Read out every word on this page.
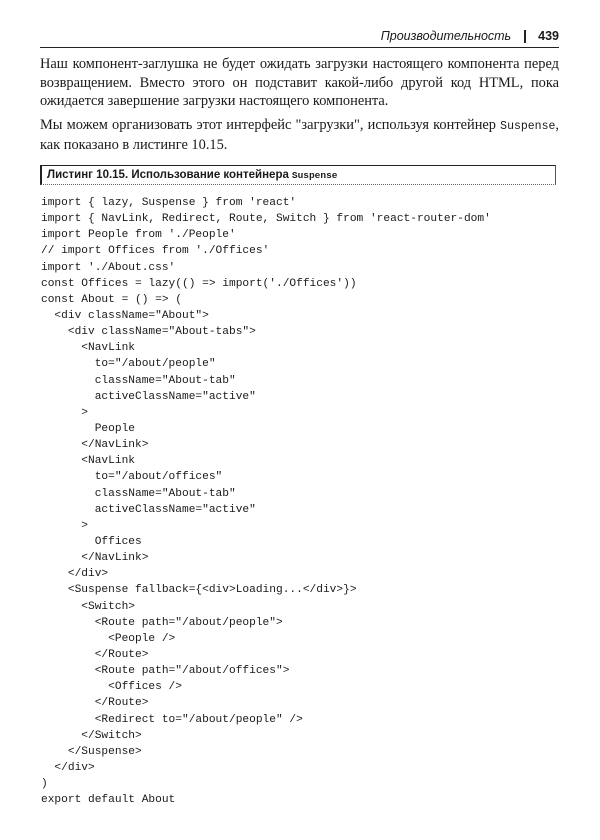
Производительность 439

Наш компонент-заглушка не будет ожидать загрузки настоящего компонента перед возвращением. Вместо этого он подставит какой-либо другой код HTML, пока ожидается завершение загрузки настоящего компонента.

Мы можем организовать этот интерфейс "загрузки", используя контейнер Suspense, как показано в листинге 10.15.

Листинг 10.15. Использование контейнера Suspense
import { lazy, Suspense } from 'react'
import { NavLink, Redirect, Route, Switch } from 'react-router-dom'
import People from './People'
// import Offices from './Offices'
import './About.css'
const Offices = lazy(() => import('./Offices'))
const About = () => (
<div className="About">
<div className="About-tabs">
<NavLink
to="/about/people"
className="About-tab"
activeClassName="active"
>
People
</NavLink>
<NavLink
to="/about/offices"
className="About-tab"
activeClassName="active"
>
Offices
</NavLink>
</div>
<Suspense fallback={<div>Loading...</div>}>
<Switch>
<Route path="/about/people">
<People />
</Route>
<Route path="/about/offices">
<Offices />
</Route>
<Redirect to="/about/people" />
</Switch>
</Suspense>
</div>
)
export default About
